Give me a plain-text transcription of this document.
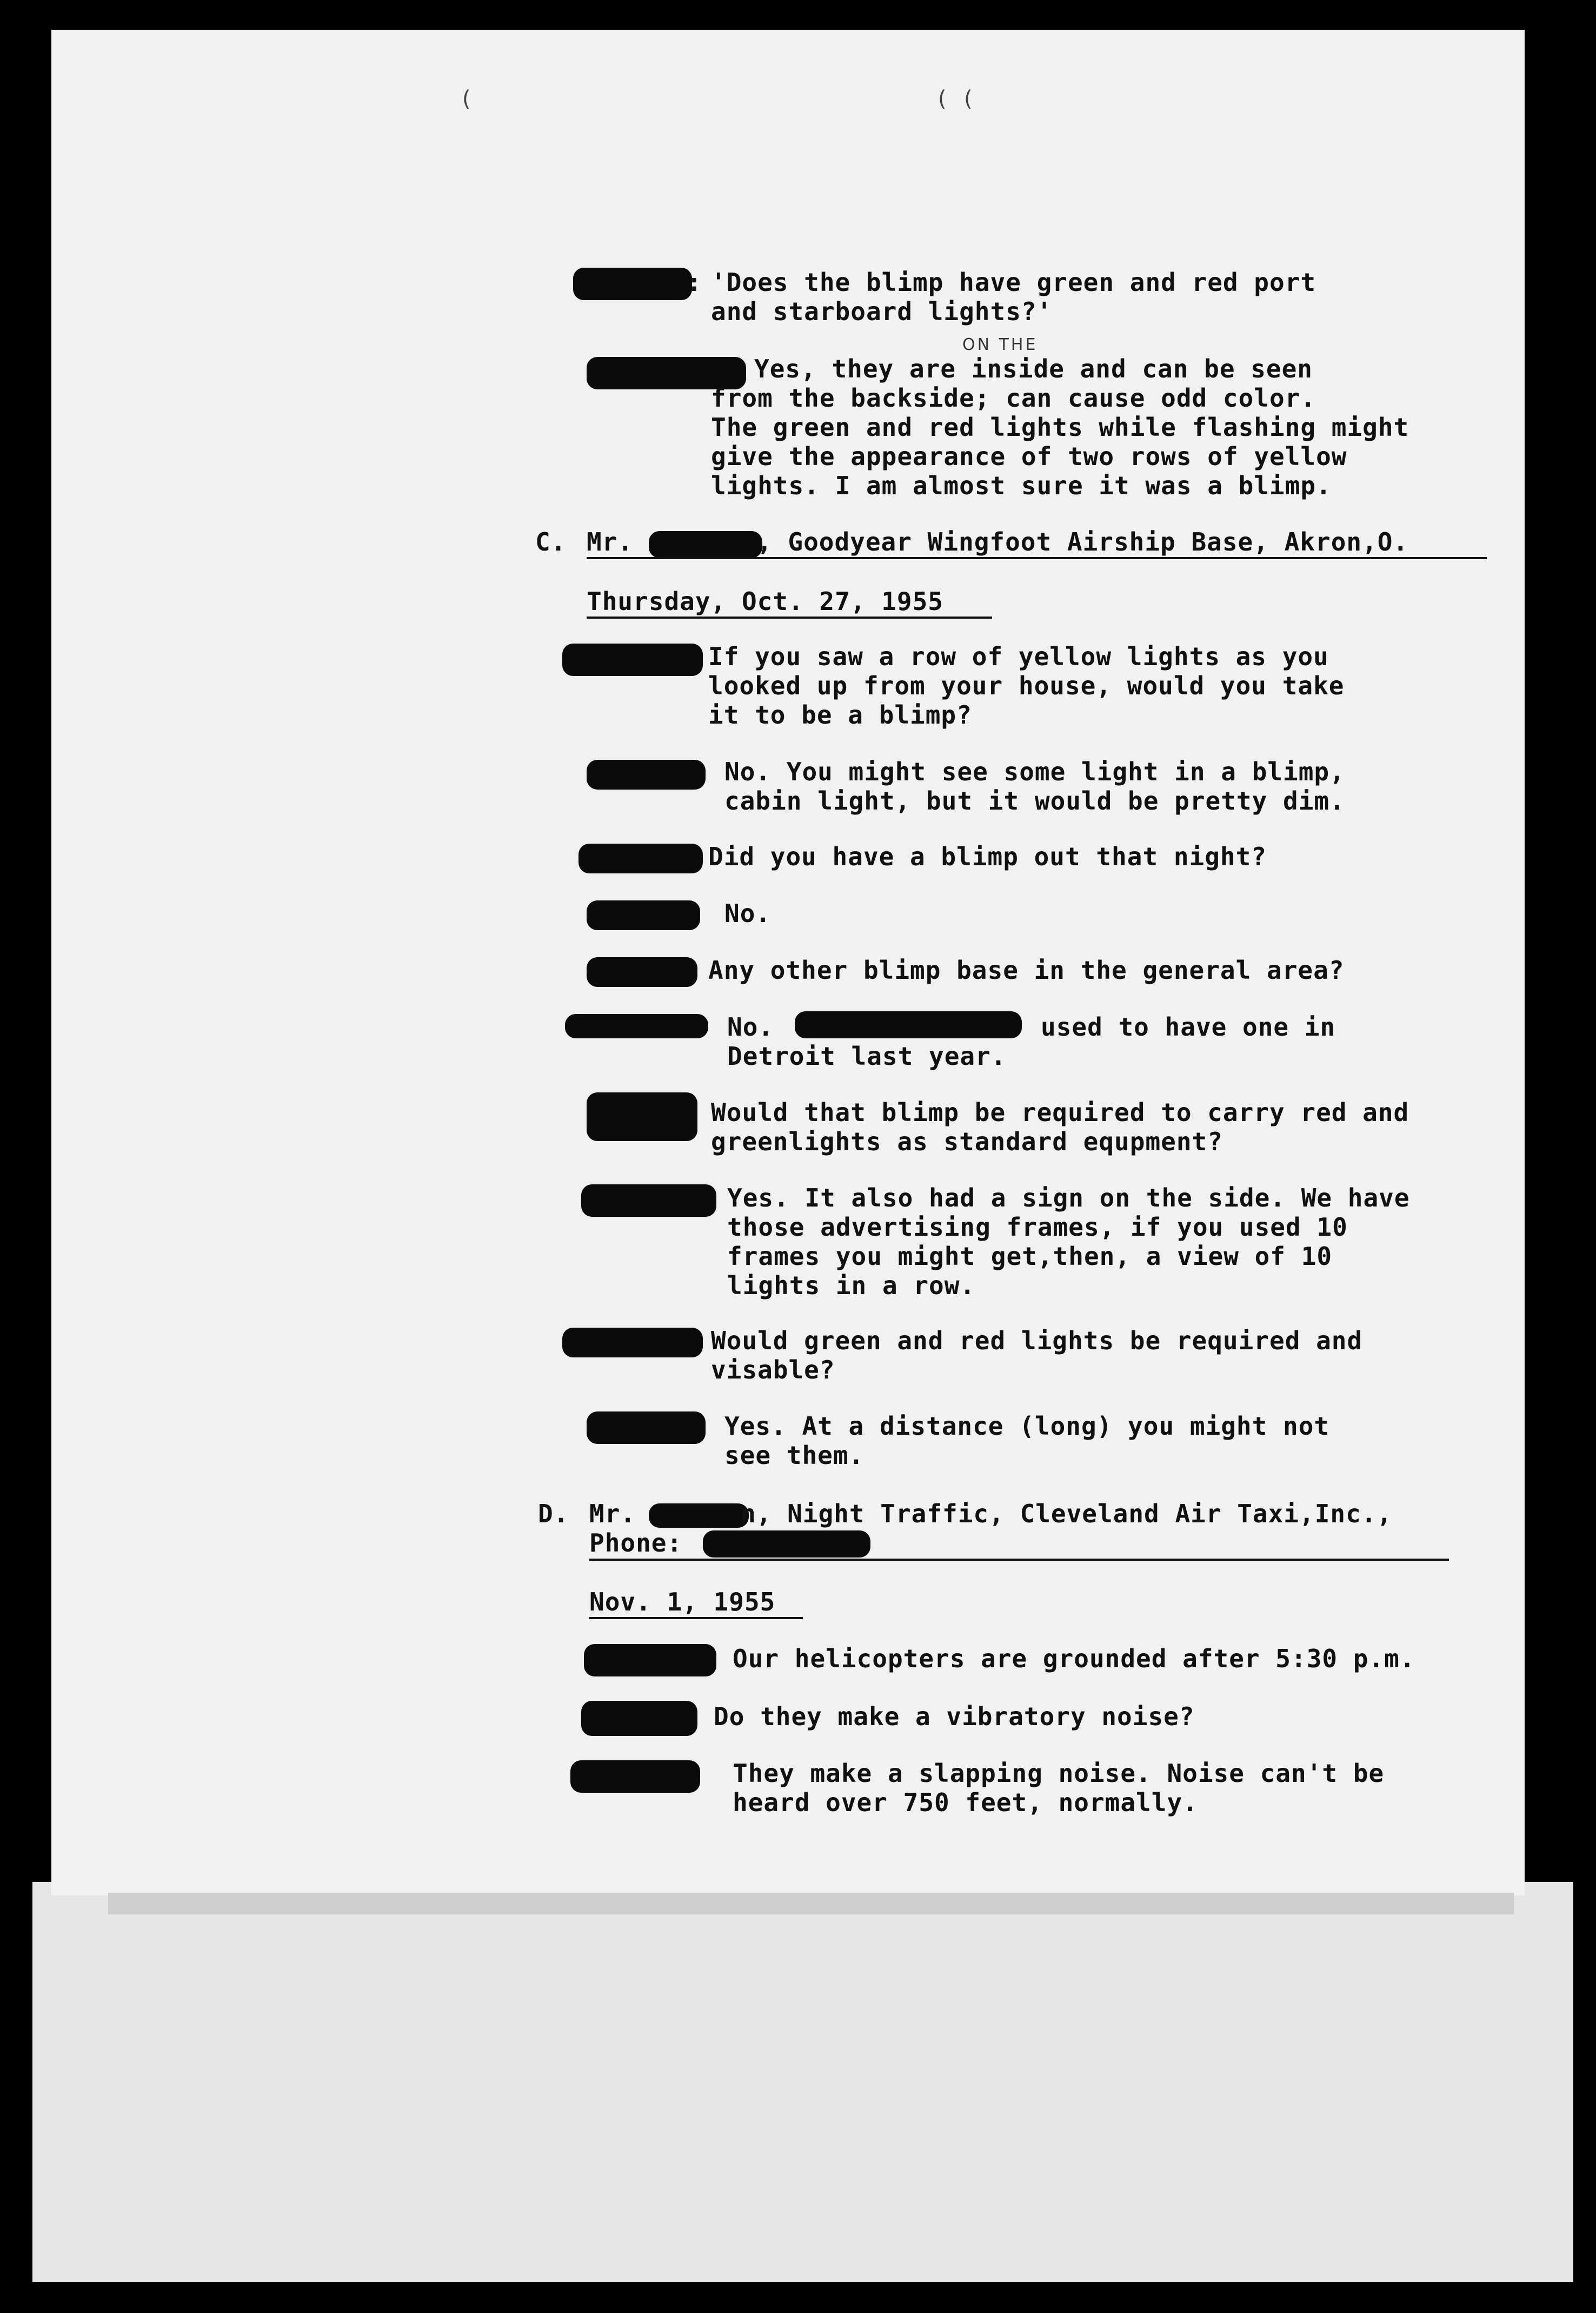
(	( (
: 'Does the blimp have green and red port
and starboard lights?'
ON THE
Yes, they are inside and can be seen
from the backside; can cause odd color.
The green and red lights while flashing might
give the appearance of two rows of yellow
lights. I am almost sure it was a blimp.
C. Mr.	, Goodyear Wingfoot Airship Base, Akron,O.
Thursday, Oct. 27, 1955
If you saw a row of yellow lights as you
looked up from your house, would you take
it to be a blimp?
No. You might see some light in a blimp,
cabin light, but it would be pretty dim.
Did you have a blimp out that night?
No.
Any other blimp base in the general area?
No.	used to have one in
Detroit last year.
Would that blimp be required to carry red and
greenlights as standard equpment?
Yes. It also had a sign on the side. We have
those advertising frames, if you used 10
frames you might get,then, a view of 10
lights in a row.
Would green and red lights be required and
visable?
Yes. At a distance (long) you might not
see them.
D. Mr.	n, Night Traffic, Cleveland Air Taxi,Inc.,
Phone:
Nov. 1, 1955
Our helicopters are grounded after 5:30 p.m.
Do they make a vibratory noise?
They make a slapping noise. Noise can't be
heard over 750 feet, normally.
